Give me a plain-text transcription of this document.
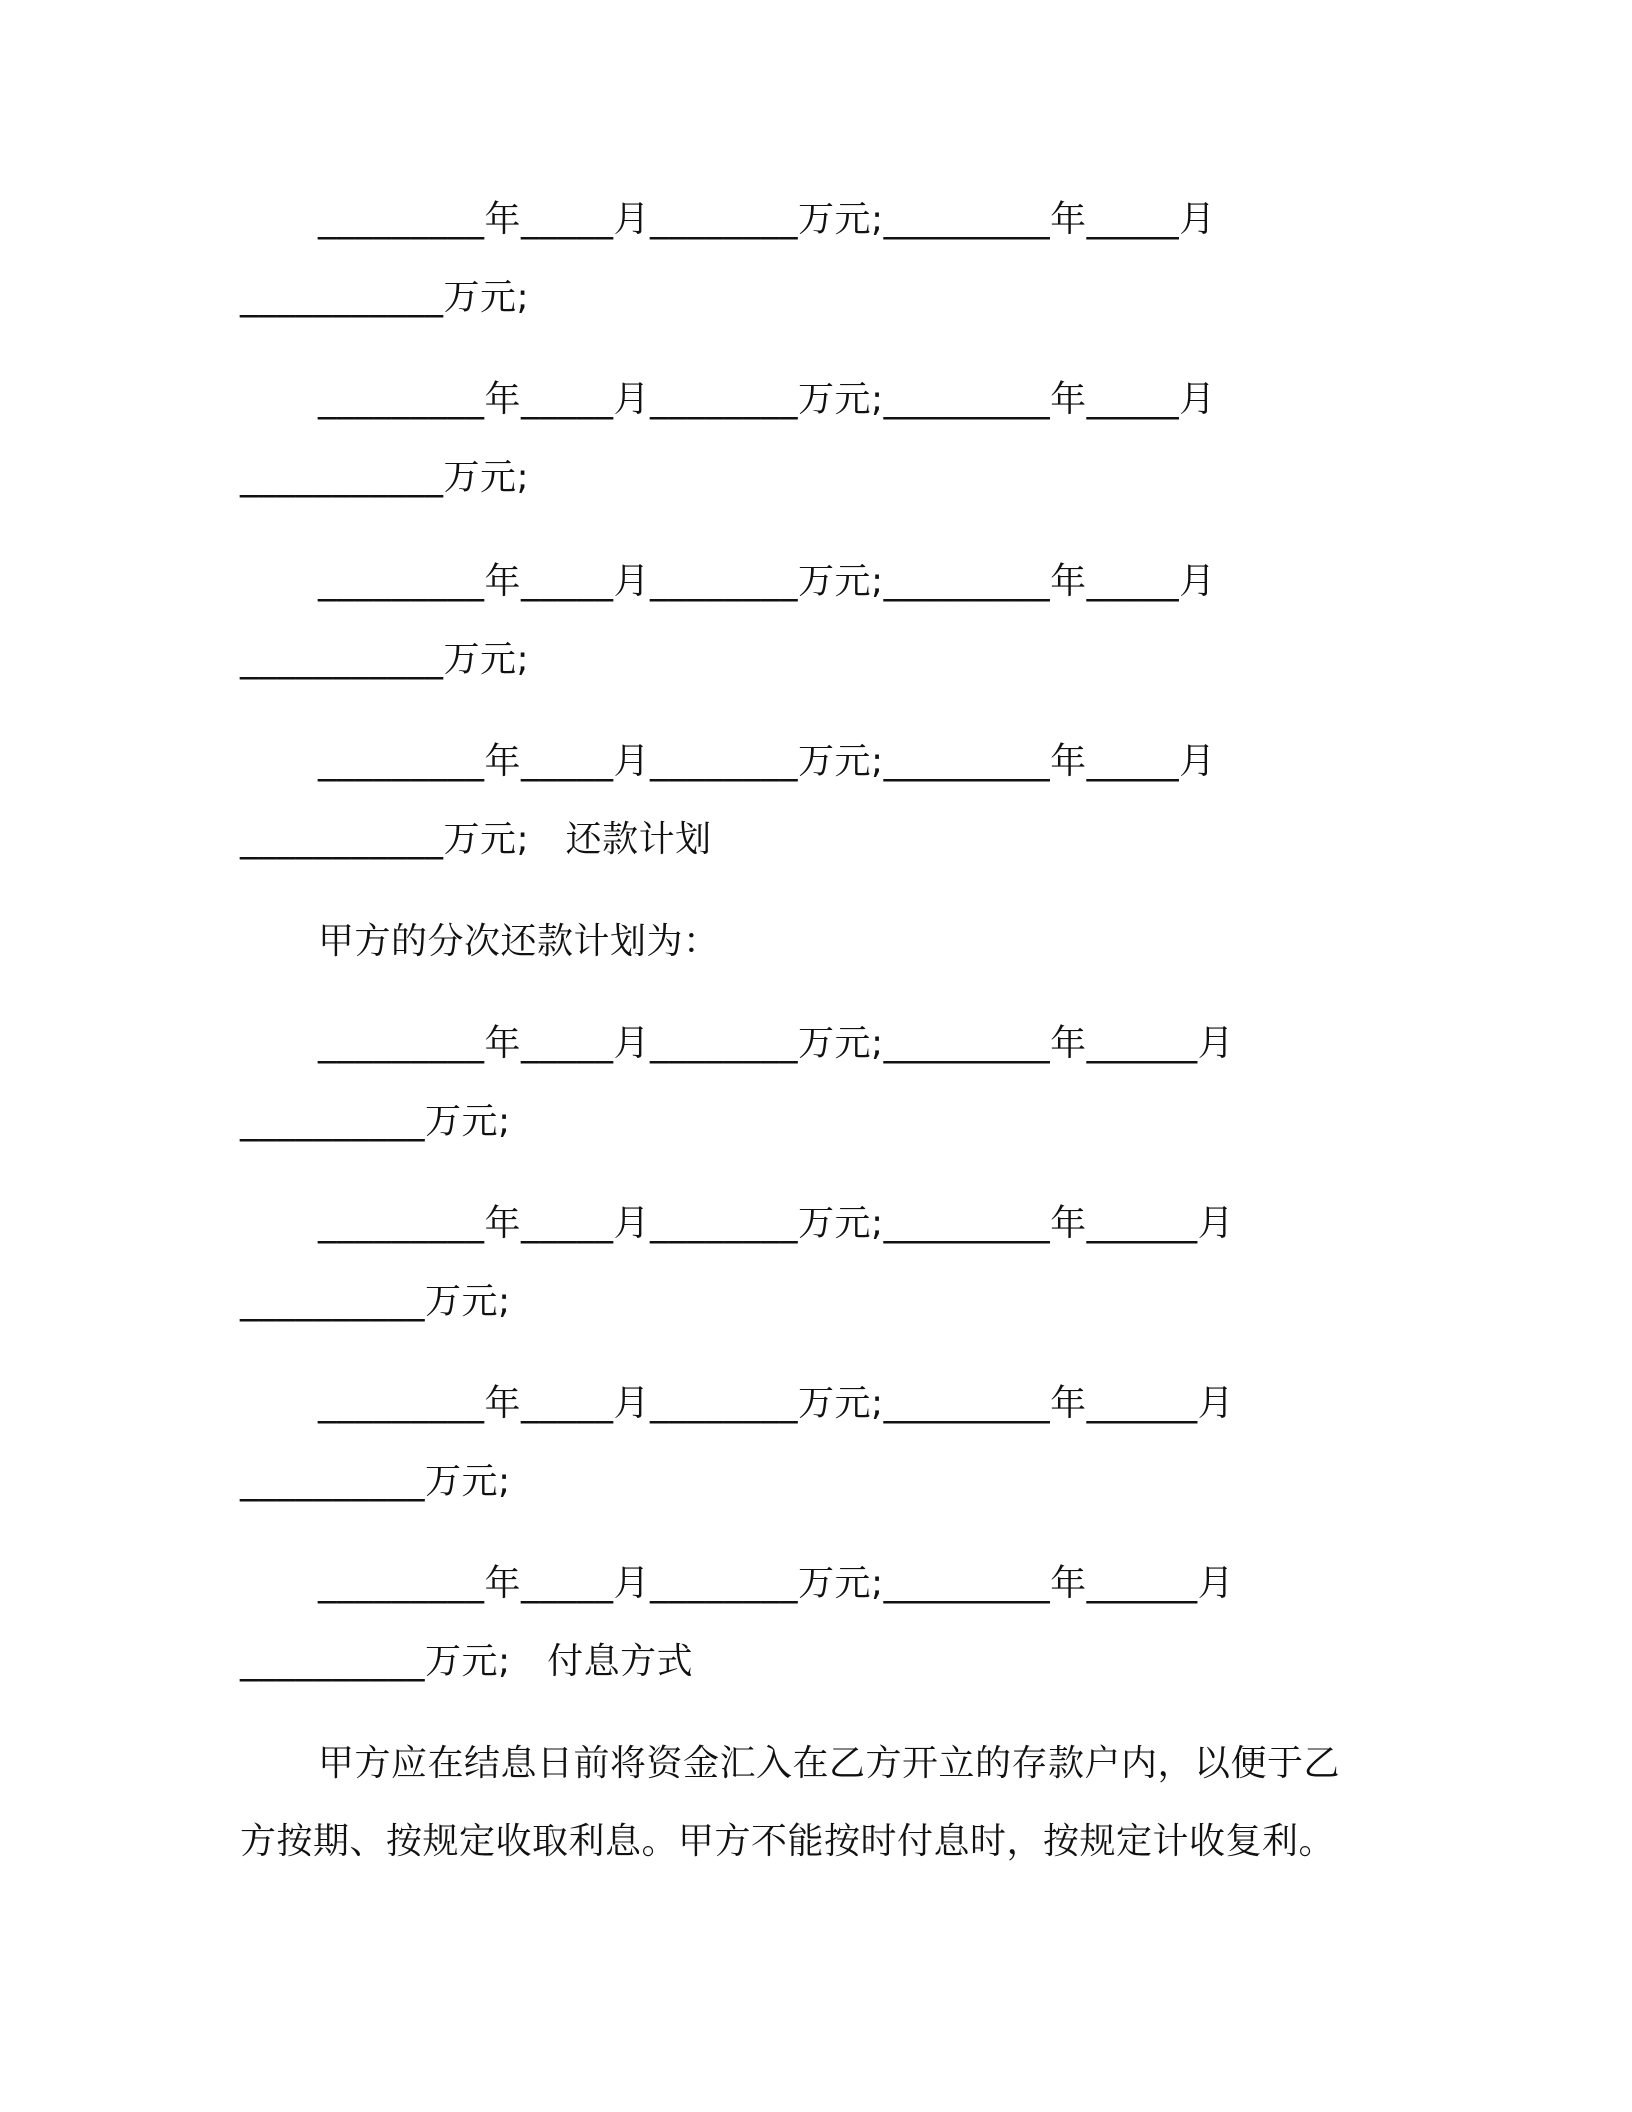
_________年_____月________万元;_________年_____月
___________万元;
_________年_____月________万元;_________年_____月
___________万元;
_________年_____月________万元;_________年_____月
___________万元;
_________年_____月________万元;_________年_____月
___________万元;　还款计划
甲方的分次还款计划为：
_________年_____月________万元;_________年______月
__________万元;
_________年_____月________万元;_________年______月
__________万元;
_________年_____月________万元;_________年______月
__________万元;
_________年_____月________万元;_________年______月
__________万元;　付息方式
甲方应在结息日前将资金汇入在乙方开立的存款户内，以便于乙
方按期、按规定收取利息。甲方不能按时付息时，按规定计收复利。
